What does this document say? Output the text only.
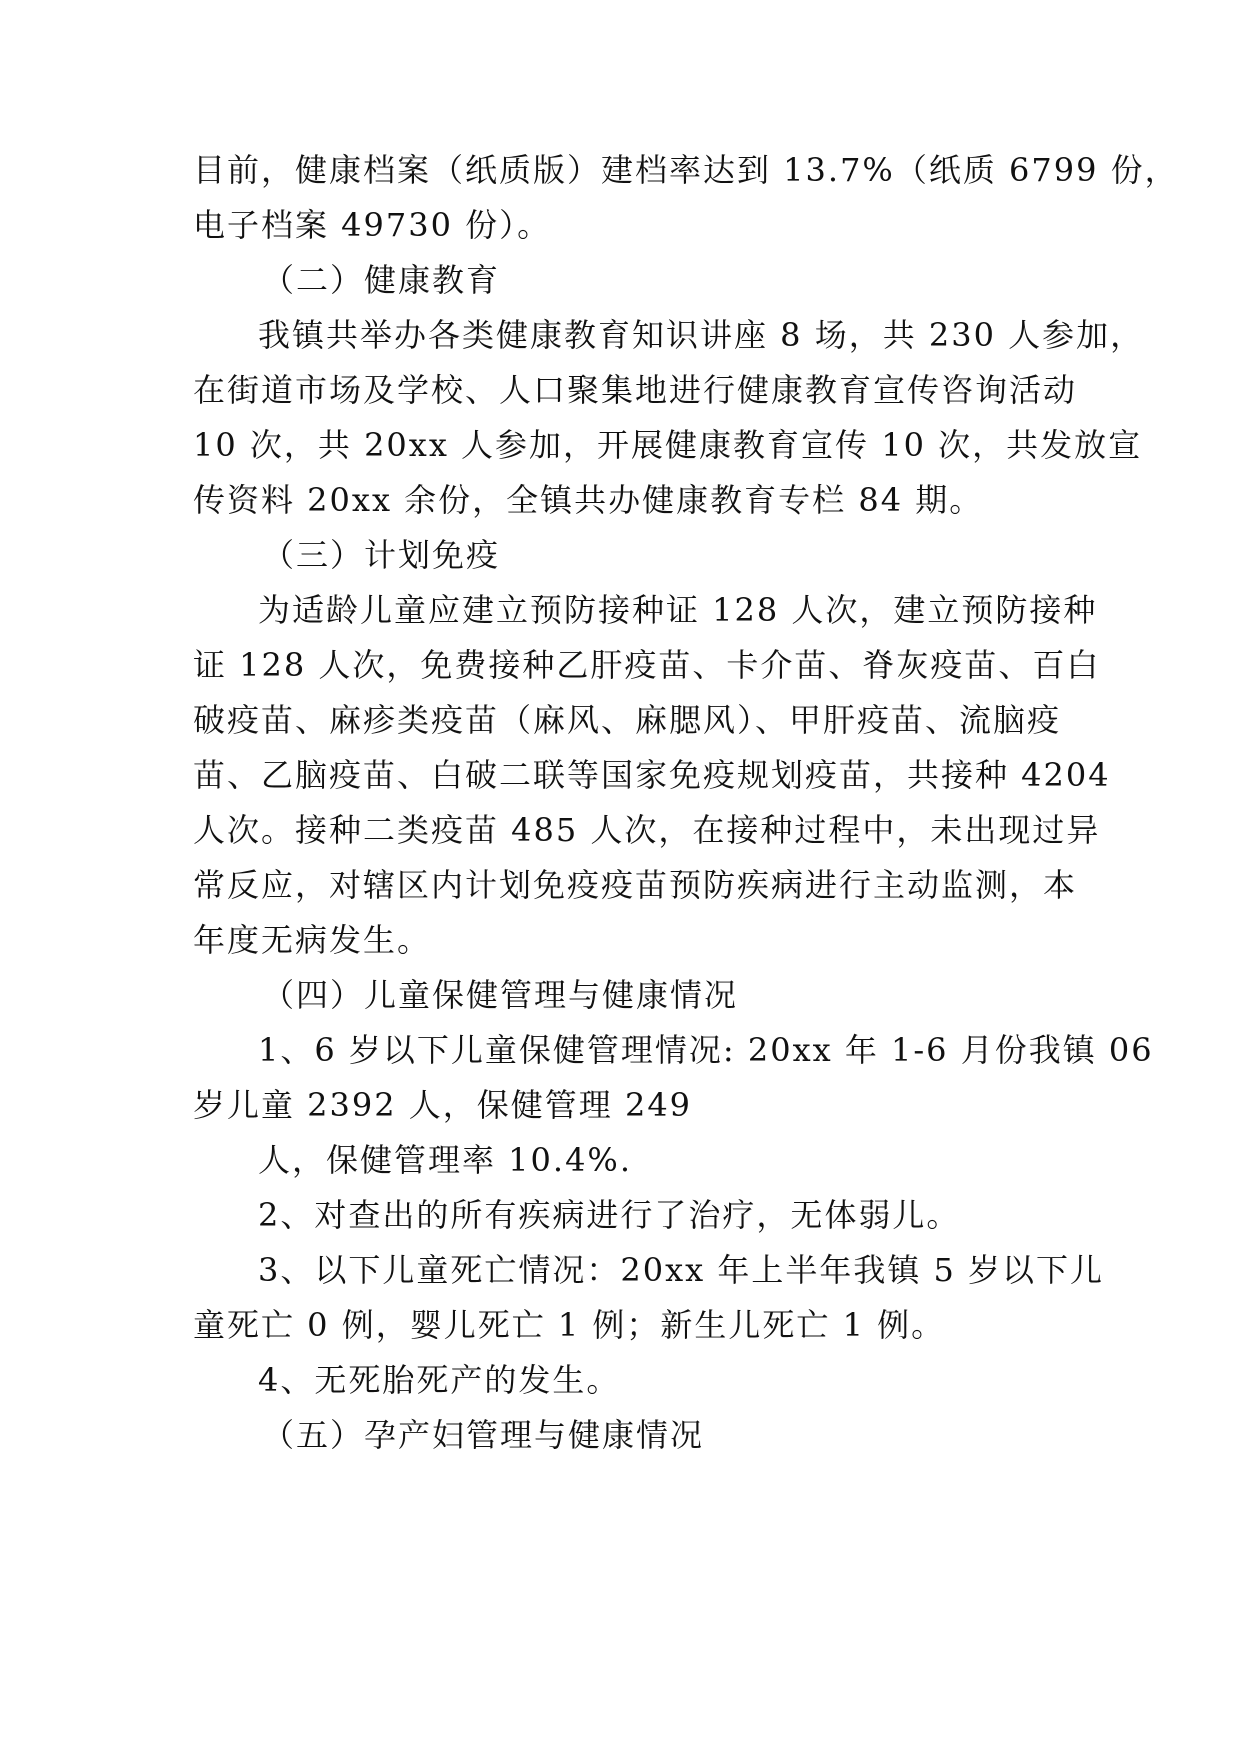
目前，健康档案（纸质版）建档率达到 13.7%（纸质 6799 份，
电子档案 49730 份）。
（二）健康教育
我镇共举办各类健康教育知识讲座 8 场，共 230 人参加，
在街道市场及学校、人口聚集地进行健康教育宣传咨询活动
10 次，共 20xx 人参加，开展健康教育宣传 10 次，共发放宣
传资料 20xx 余份，全镇共办健康教育专栏 84 期。
（三）计划免疫
为适龄儿童应建立预防接种证 128 人次，建立预防接种
证 128 人次，免费接种乙肝疫苗、卡介苗、脊灰疫苗、百白
破疫苗、麻疹类疫苗（麻风、麻腮风）、甲肝疫苗、流脑疫
苗、乙脑疫苗、白破二联等国家免疫规划疫苗，共接种 4204
人次。接种二类疫苗 485 人次，在接种过程中，未出现过异
常反应，对辖区内计划免疫疫苗预防疾病进行主动监测，本
年度无病发生。
（四）儿童保健管理与健康情况
1、6 岁以下儿童保健管理情况: 20xx 年 1-6 月份我镇 06
岁儿童 2392 人，保健管理 249
人，保健管理率 10.4%.
2、对查出的所有疾病进行了治疗，无体弱儿。
3、以下儿童死亡情况：20xx 年上半年我镇 5 岁以下儿
童死亡 0 例，婴儿死亡 1 例；新生儿死亡 1 例。
4、无死胎死产的发生。
（五）孕产妇管理与健康情况
